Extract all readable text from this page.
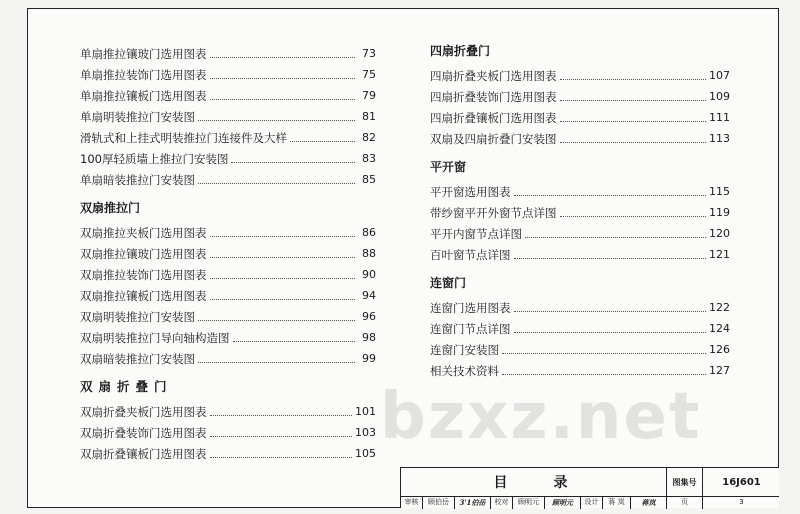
bzxz.net
单扇推拉镶玻门选用图表	73
单扇推拉装饰门选用图表	75
单扇推拉镶板门选用图表	79
单扇明装推拉门安装图	81
滑轨式和上挂式明装推拉门连接件及大样	82
100厚轻质墙上推拉门安装图	83
单扇暗装推拉门安装图	85
双扇推拉门
双扇推拉夹板门选用图表	86
双扇推拉镶玻门选用图表	88
双扇推拉装饰门选用图表	90
双扇推拉镶板门选用图表	94
双扇明装推拉门安装图	96
双扇明装推拉门导向轴构造图	98
双扇暗装推拉门安装图	99
双扇折叠门
双扇折叠夹板门选用图表	101
双扇折叠装饰门选用图表	103
双扇折叠镶板门选用图表	105
四扇折叠门
四扇折叠夹板门选用图表	107
四扇折叠装饰门选用图表	109
四扇折叠镶板门选用图表	111
双扇及四扇折叠门安装图	113
平开窗
平开窗选用图表	115
带纱窗平开外窗节点详图	119
平开内窗节点详图	120
百叶窗节点详图	121
连窗门
连窗门选用图表	122
连窗门节点详图	124
连窗门安装图	126
相关技术资料	127
目录	图集号	16J601
审核	顾伯岳	3'1伯岳	校对	顾明元	顾明元	设计	蒋 岚	蒋岚	页	3
